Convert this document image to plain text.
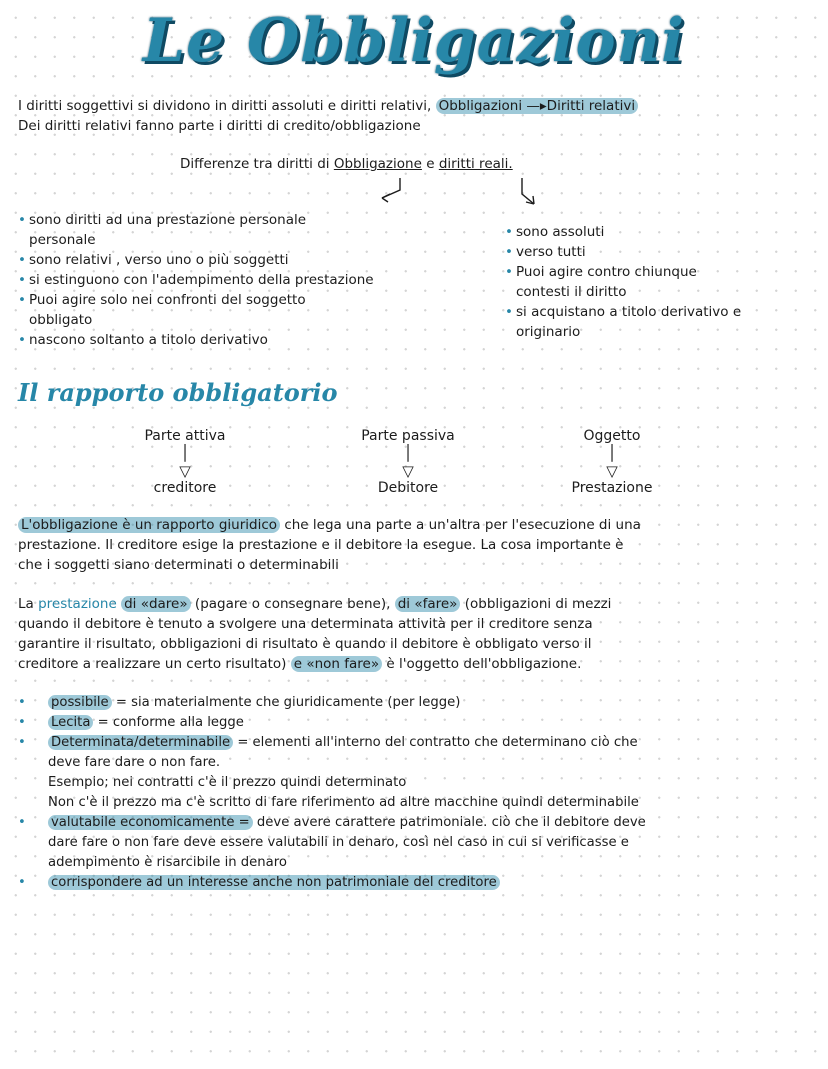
Le Obbligazioni
I diritti soggettivi si dividono in diritti assoluti e diritti relativi, Obbligazioni —▸Diritti relativi
Dei diritti relativi fanno parte i diritti di credito/obbligazione
Differenze tra diritti di Obbligazione e diritti reali.
• sono diritti ad una prestazione personale
personale
• sono relativi , verso uno o più soggetti
• si estinguono con l'adempimento della prestazione
• Puoi agire solo nei confronti del soggetto
obbligato
• nascono soltanto a titolo derivativo
• sono assoluti
• verso tutti
• Puoi agire contro chiunque
contesti il diritto
• si acquistano a titolo derivativo e
originario
Il rapporto obbligatorio
Parte attiva
│
▽
creditore
Parte passiva
│
▽
Debitore
Oggetto
│
▽
Prestazione
L'obbligazione è un rapporto giuridico che lega una parte a un'altra per l'esecuzione di una
prestazione. Il creditore esige la prestazione e il debitore la esegue. La cosa importante è
che i soggetti siano determinati o determinabili
La prestazione di «dare» (pagare o consegnare bene), di «fare» (obbligazioni di mezzi
quando il debitore è tenuto a svolgere una determinata attività per il creditore senza
garantire il risultato, obbligazioni di risultato è quando il debitore è obbligato verso il
creditore a realizzare un certo risultato) e «non fare» è l'oggetto dell'obbligazione.
• possibile = sia materialmente che giuridicamente (per legge)
• Lecita = conforme alla legge
• Determinata/determinabile = elementi all'interno del contratto che determinano ciò che
deve fare dare o non fare.
Esempio; nei contratti c'è il prezzo quindi determinato
Non c'è il prezzo ma c'è scritto di fare riferimento ad altre macchine quindi determinabile
• valutabile economicamente = deve avere carattere patrimoniale. ciò che il debitore deve
dare fare o non fare deve essere valutabili in denaro, così nel caso in cui si verificasse e
adempimento è risarcibile in denaro
• corrispondere ad un interesse anche non patrimoniale del creditore
